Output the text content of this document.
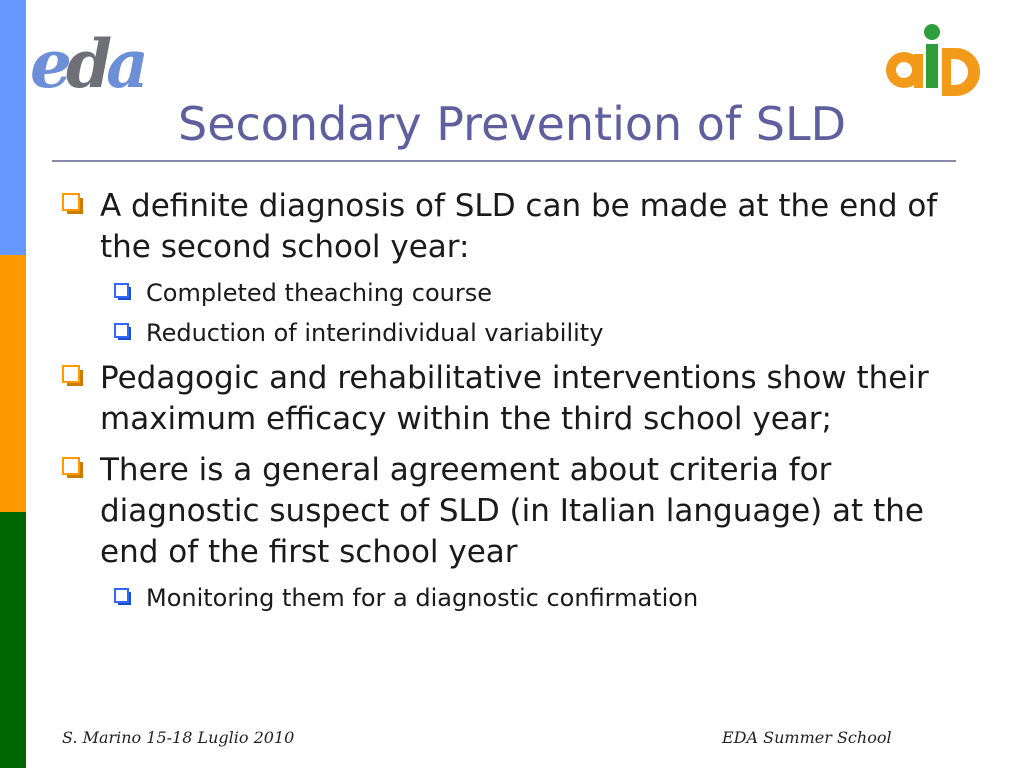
eda
Secondary Prevention of SLD
A definite diagnosis of SLD can be made at the end of the second school year:
Completed theaching course
Reduction of interindividual variability
Pedagogic and rehabilitative interventions show their maximum efficacy within the third school year;
There is a general agreement about criteria for diagnostic suspect of SLD (in Italian language) at the end of the first school year
Monitoring them for a diagnostic confirmation
S. Marino 15-18 Luglio 2010	EDA Summer School
